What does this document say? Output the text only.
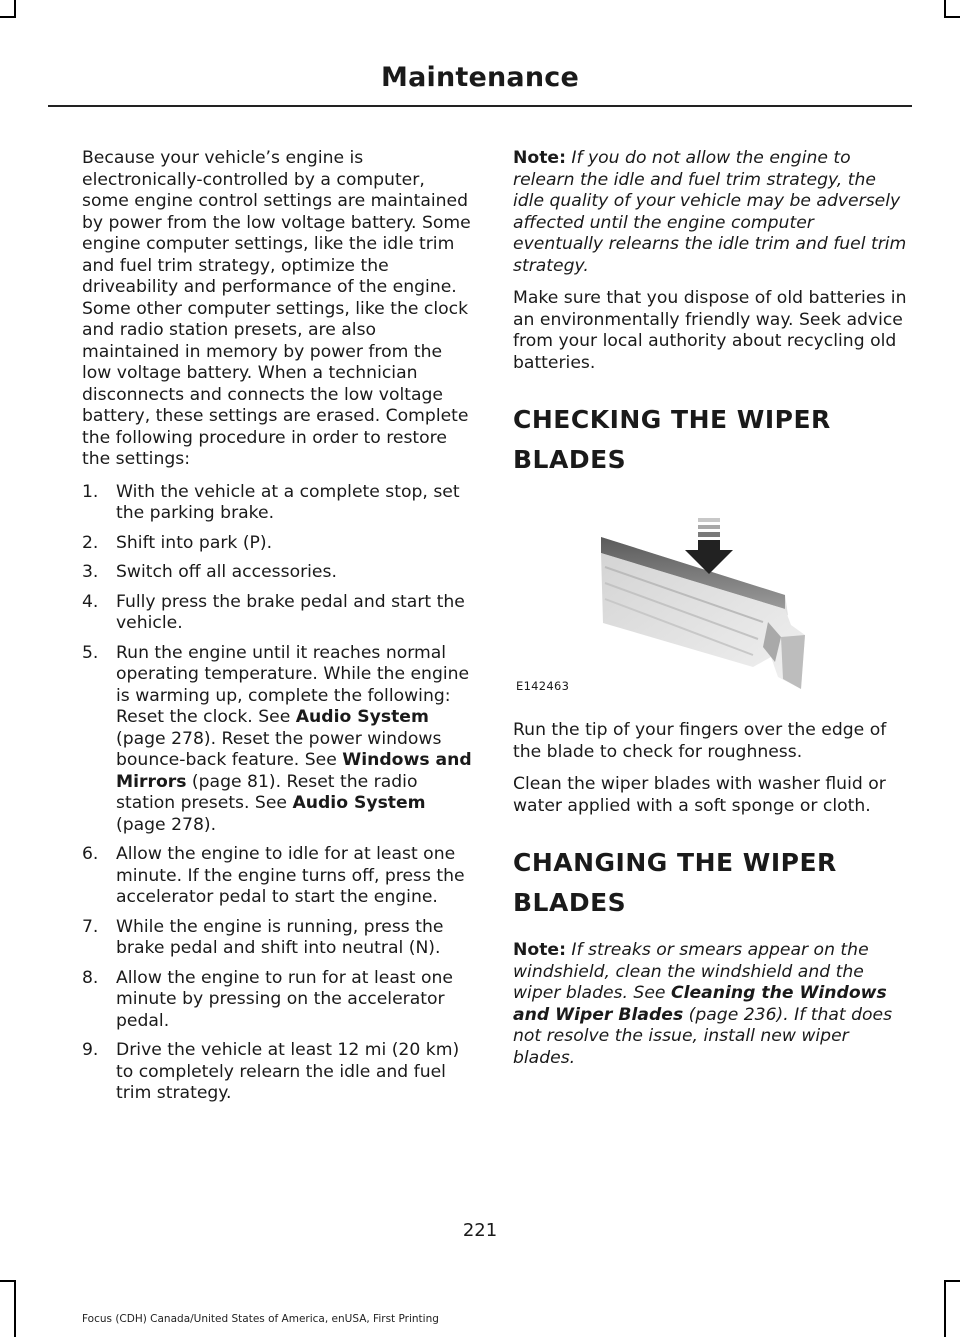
Maintenance

Because your vehicle’s engine is electronically-controlled by a computer, some engine control settings are maintained by power from the low voltage battery. Some engine computer settings, like the idle trim and fuel trim strategy, optimize the driveability and performance of the engine. Some other computer settings, like the clock and radio station presets, are also maintained in memory by power from the low voltage battery. When a technician disconnects and connects the low voltage battery, these settings are erased. Complete the following procedure in order to restore the settings:

1. With the vehicle at a complete stop, set the parking brake.
2. Shift into park (P).
3. Switch off all accessories.
4. Fully press the brake pedal and start the vehicle.
5. Run the engine until it reaches normal operating temperature. While the engine is warming up, complete the following: Reset the clock. See Audio System (page 278). Reset the power windows bounce-back feature. See Windows and Mirrors (page 81). Reset the radio station presets. See Audio System (page 278).
6. Allow the engine to idle for at least one minute. If the engine turns off, press the accelerator pedal to start the engine.
7. While the engine is running, press the brake pedal and shift into neutral (N).
8. Allow the engine to run for at least one minute by pressing on the accelerator pedal.
9. Drive the vehicle at least 12 mi (20 km) to completely relearn the idle and fuel trim strategy.

Note: If you do not allow the engine to relearn the idle and fuel trim strategy, the idle quality of your vehicle may be adversely affected until the engine computer eventually relearns the idle trim and fuel trim strategy.

Make sure that you dispose of old batteries in an environmentally friendly way. Seek advice from your local authority about recycling old batteries.

CHECKING THE WIPER
BLADES
E142463

Run the tip of your fingers over the edge of the blade to check for roughness.

Clean the wiper blades with washer fluid or water applied with a soft sponge or cloth.

CHANGING THE WIPER
BLADES

Note: If streaks or smears appear on the windshield, clean the windshield and the wiper blades. See Cleaning the Windows and Wiper Blades (page 236). If that does not resolve the issue, install new wiper blades.

221
Focus (CDH) Canada/United States of America, enUSA, First Printing
